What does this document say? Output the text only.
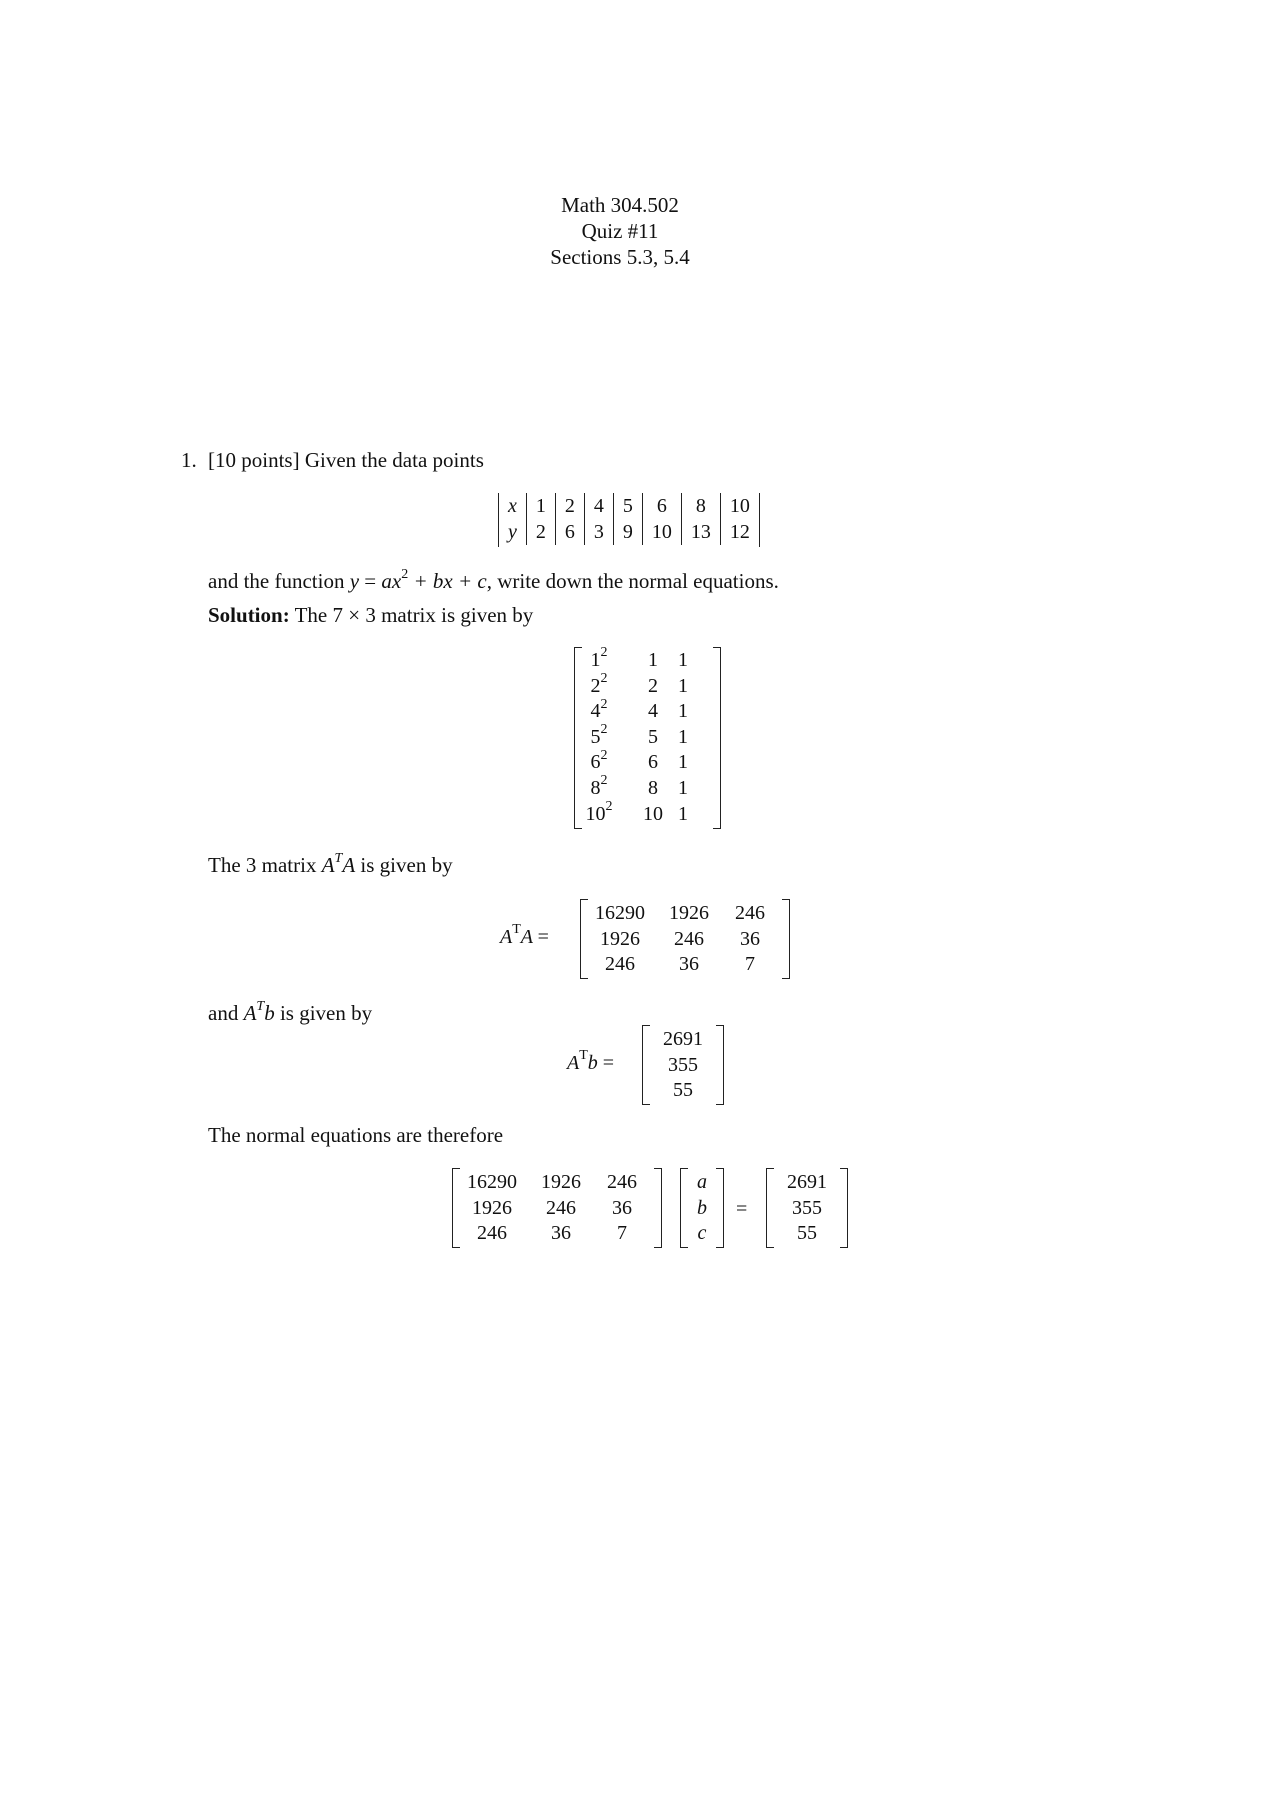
Math 304.502
Quiz #11
Sections 5.3, 5.4
1. [10 points] Given the data points
x	1	2	4	5	6	8	10
y	2	6	3	9	10	13	12
and the function $y = ax^2$ + bx + c, write down the normal equations.
Solution: The 7 × 3 matrix is given by
$1^2$	1	1
$2^2$	2	1
$4^2$	4	1
$5^2$	5	1
$6^2$	6	1
$8^2$	8	1
$10^2$	10 1
The 3 matrix $A^TA$ is given by
$A^TA$ =
16290	1926	246
1926	246	36
246	36	7
and $A^Tb$ is given by
$A^Tb$ =
2691
355
55
The normal equations are therefore
16290	1926	246
1926	246	36
246	36	7
a
b
c
=
2691
355
55
